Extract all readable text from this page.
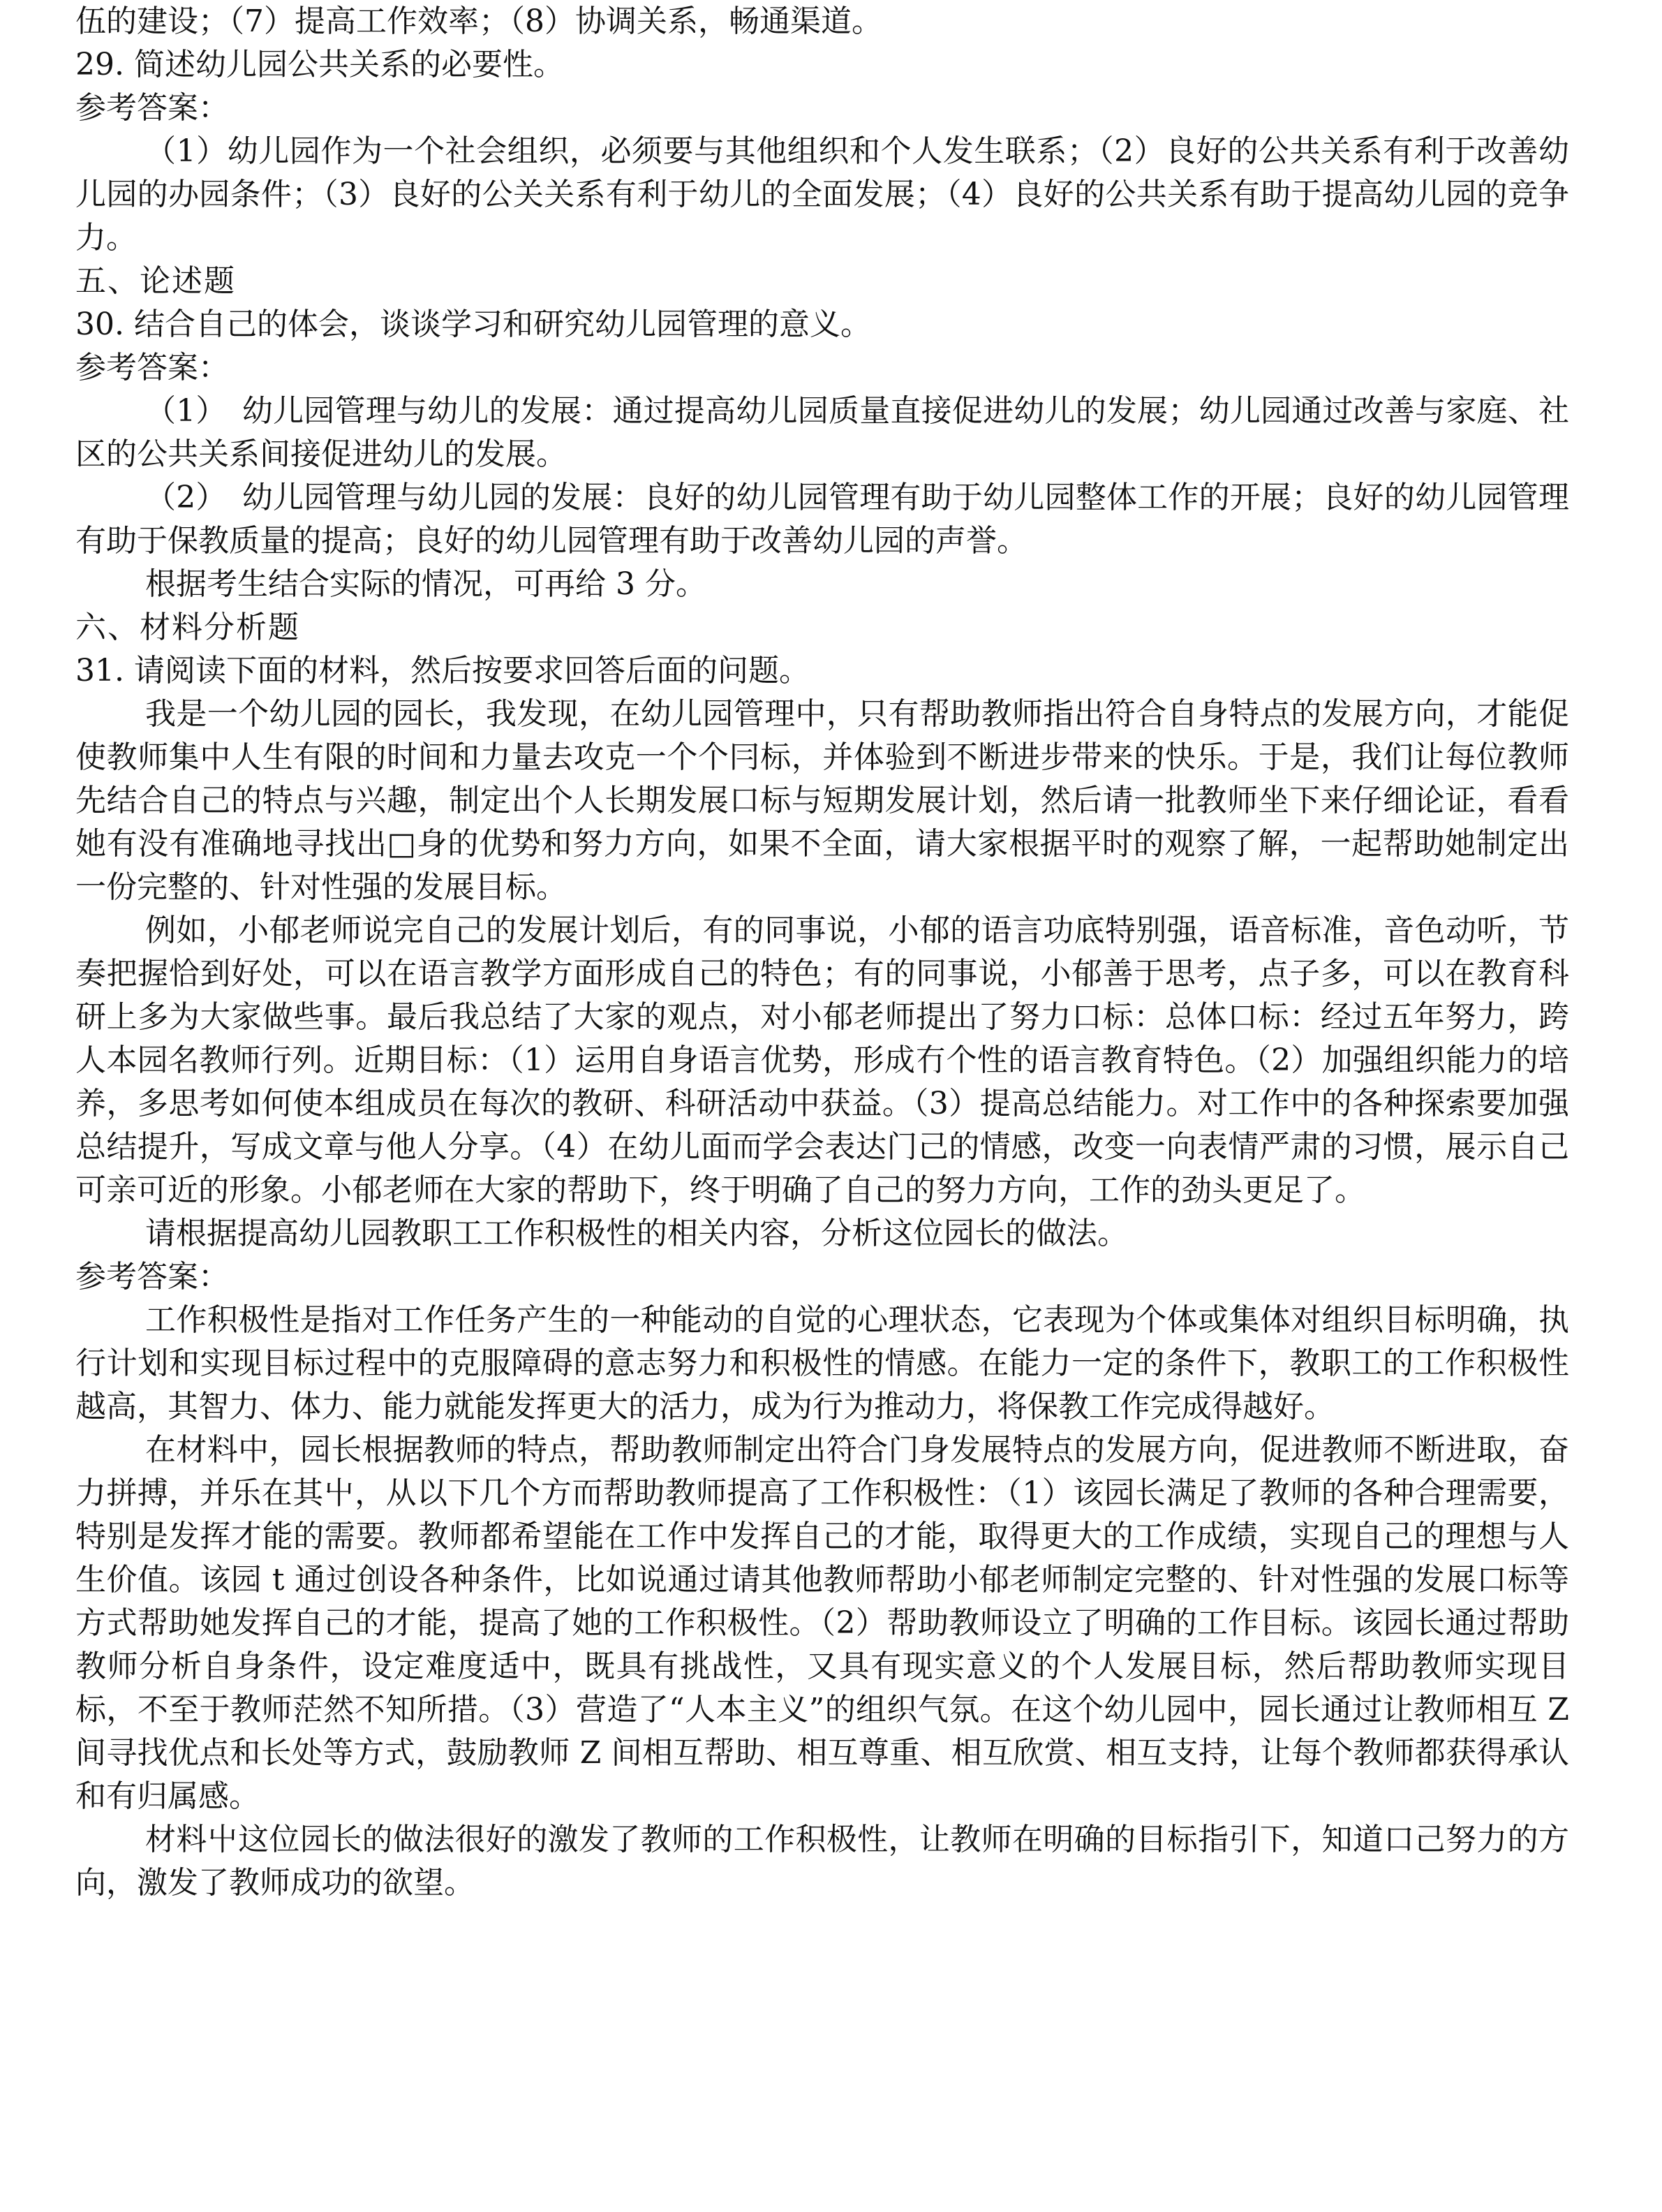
伍的建设；（7）提高工作效率；（8）协调关系，畅通渠道。

29. 简述幼儿园公共关系的必要性。

参考答案：

（1）幼儿园作为一个社会组织，必须要与其他组织和个人发生联系；（2）良好的公共关系有利于改善幼儿园的办园条件；（3）良好的公关关系有利于幼儿的全面发展；（4）良好的公共关系有助于提高幼儿园的竞争力。

五、论述题

30. 结合自己的体会，谈谈学习和研究幼儿园管理的意义。

参考答案：

（1）　幼儿园管理与幼儿的发展：通过提高幼儿园质量直接促进幼儿的发展；幼儿园通过改善与家庭、社区的公共关系间接促进幼儿的发展。

（2）　幼儿园管理与幼儿园的发展：良好的幼儿园管理有助于幼儿园整体工作的开展；良好的幼儿园管理有助于保教质量的提高；良好的幼儿园管理有助于改善幼儿园的声誉。

根据考生结合实际的情况，可再给 3 分。

六、材料分析题

31. 请阅读下面的材料，然后按要求回答后面的问题。

我是一个幼儿园的园长，我发现，在幼儿园管理中，只有帮助教师指出符合自身特点的发展方向，才能促使教师集中人生有限的时间和力量去攻克一个个冃标，并体验到不断进步带来的快乐。于是，我们让每位教师先结合自己的特点与兴趣，制定出个人长期发展口标与短期发展计划，然后请一批教师坐下来仔细论证，看看她有没有准确地寻找出□身的优势和努力方向，如果不全面，请大家根据平时的观察了解，一起帮助她制定出一份完整的、针对性强的发展目标。

例如，小郁老师说完自己的发展计划后，有的同事说，小郁的语言功底特别强，语音标准，音色动听，节奏把握恰到好处，可以在语言教学方面形成自己的特色；有的同事说，小郁善于思考，点子多，可以在教育科研上多为大家做些事。最后我总结了大家的观点，对小郁老师提出了努力口标：总体口标：经过五年努力，跨人本园名教师行列。近期目标：（1）运用自身语言优势，形成冇个性的语言教育特色。（2）加强组织能力的培养，多思考如何使本组成员在每次的教研、科研活动中获益。（3）提高总结能力。对工作中的各种探索要加强总结提升，写成文章与他人分享。（4）在幼儿面而学会表达门己的情感，改变一向表情严肃的习惯，展示自己可亲可近的形象。小郁老师在大家的帮助下，终于明确了自己的努力方向，工作的劲头更足了。

请根据提高幼儿园教职工工作积极性的相关内容，分析这位园长的做法。

参考答案：

工作积极性是指对工作任务产生的一种能动的自觉的心理状态，它表现为个体或集体对组织目标明确，执行计划和实现目标过程中的克服障碍的意志努力和积极性的情感。在能力一定的条件下，教职工的工作积极性越高，其智力、体力、能力就能发挥更大的活力，成为行为推动力，将保教工作完成得越好。

在材料中，园长根据教师的特点，帮助教师制定出符合门身发展特点的发展方向，促进教师不断进取，奋力拼搏，并乐在其屮，从以下几个方而帮助教师提高了工作积极性：（1）该园长满足了教师的各种合理需要，特别是发挥才能的需要。教师都希望能在工作中发挥自己的才能，取得更大的工作成绩，实现自己的理想与人生价值。该园 t 通过创设各种条件，比如说通过请其他教师帮助小郁老师制定完整的、针对性强的发展口标等方式帮助她发挥自己的才能，提高了她的工作积极性。（2）帮助教师设立了明确的工作目标。该园长通过帮助教师分析自身条件，设定难度适中，既具有挑战性，又具有现实意义的个人发展目标，然后帮助教师实现目标，不至于教师茫然不知所措。（3）营造了“人本主义”的组织气氛。在这个幼儿园中，园长通过让教师相互 Z 间寻找优点和长处等方式，鼓励教师 Z 间相互帮助、相互尊重、相互欣赏、相互支持，让每个教师都获得承认和有归属感。

材料屮这位园长的做法很好的激发了教师的工作积极性，让教师在明确的目标指引下，知道口己努力的方向，激发了教师成功的欲望。
